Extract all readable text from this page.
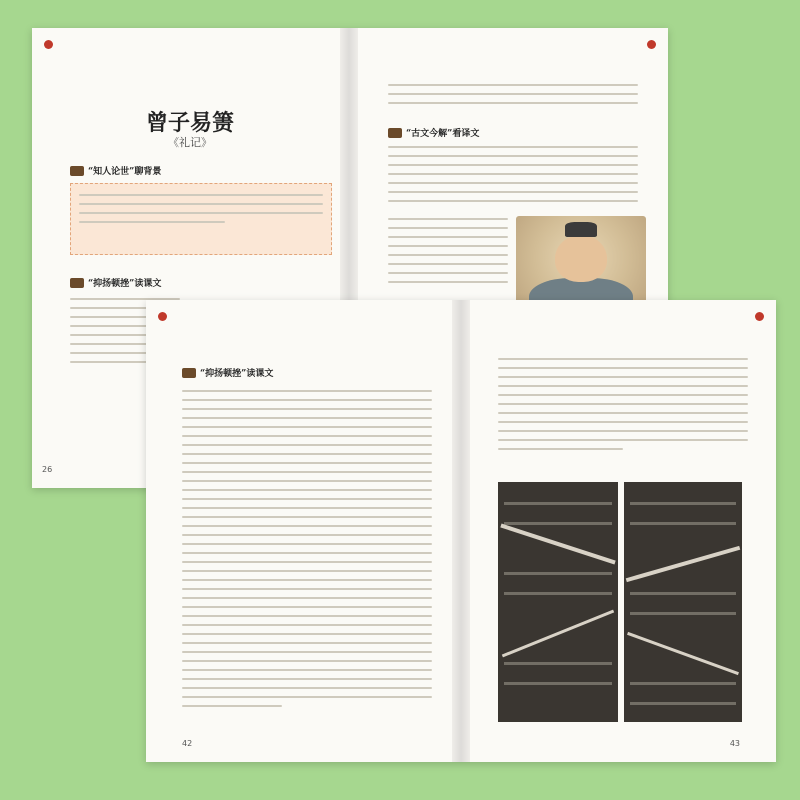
曾子易箦
《礼记》
“知人论世”聊背景
“抑扬顿挫”读课文
26
“古文今解”看译文
“抑扬顿挫”读课文
42	43
